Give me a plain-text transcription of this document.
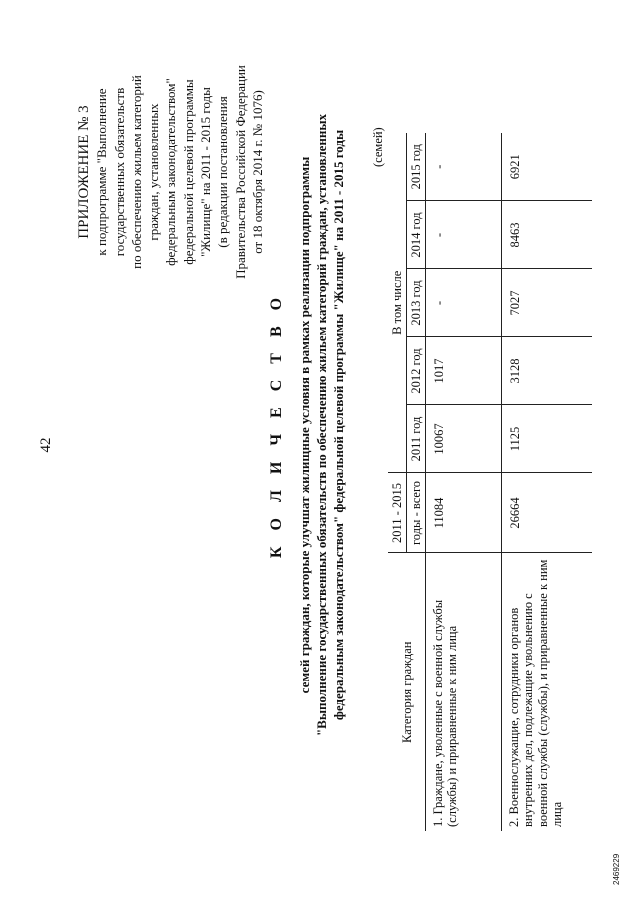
42
ПРИЛОЖЕНИЕ № 3 к подпрограмме "Выполнение государственных обязательств по обеспечению жильем категорий граждан, установленных федеральным законодательством" федеральной целевой программы "Жилище" на 2011 - 2015 годы (в редакции постановления Правительства Российской Федерации от 18 октября 2014 г. № 1076)
К О Л И Ч Е С Т В О семей граждан, которые улучшат жилищные условия в рамках реализации подпрограммы "Выполнение государственных обязательств по обеспечению жильем категорий граждан, установленных федеральным законодательством" федеральной целевой программы "Жилище" на 2011 - 2015 годы (семей)
Категория граждан	2011 - 2015	В том числе				
	годы - всего	2011 год	2012 год	2013 год	2014 год	2015 год
1. Граждане, уволенные с военной службы (службы) и приравненные к ним лица	11084	10067	1017	-	-	-
2. Военнослужащие, сотрудники органов внутренних дел, подлежащие увольнению с военной службы (службы), и приравненные к ним лица	26664	1125	3128	7027	8463	6921
2469229
